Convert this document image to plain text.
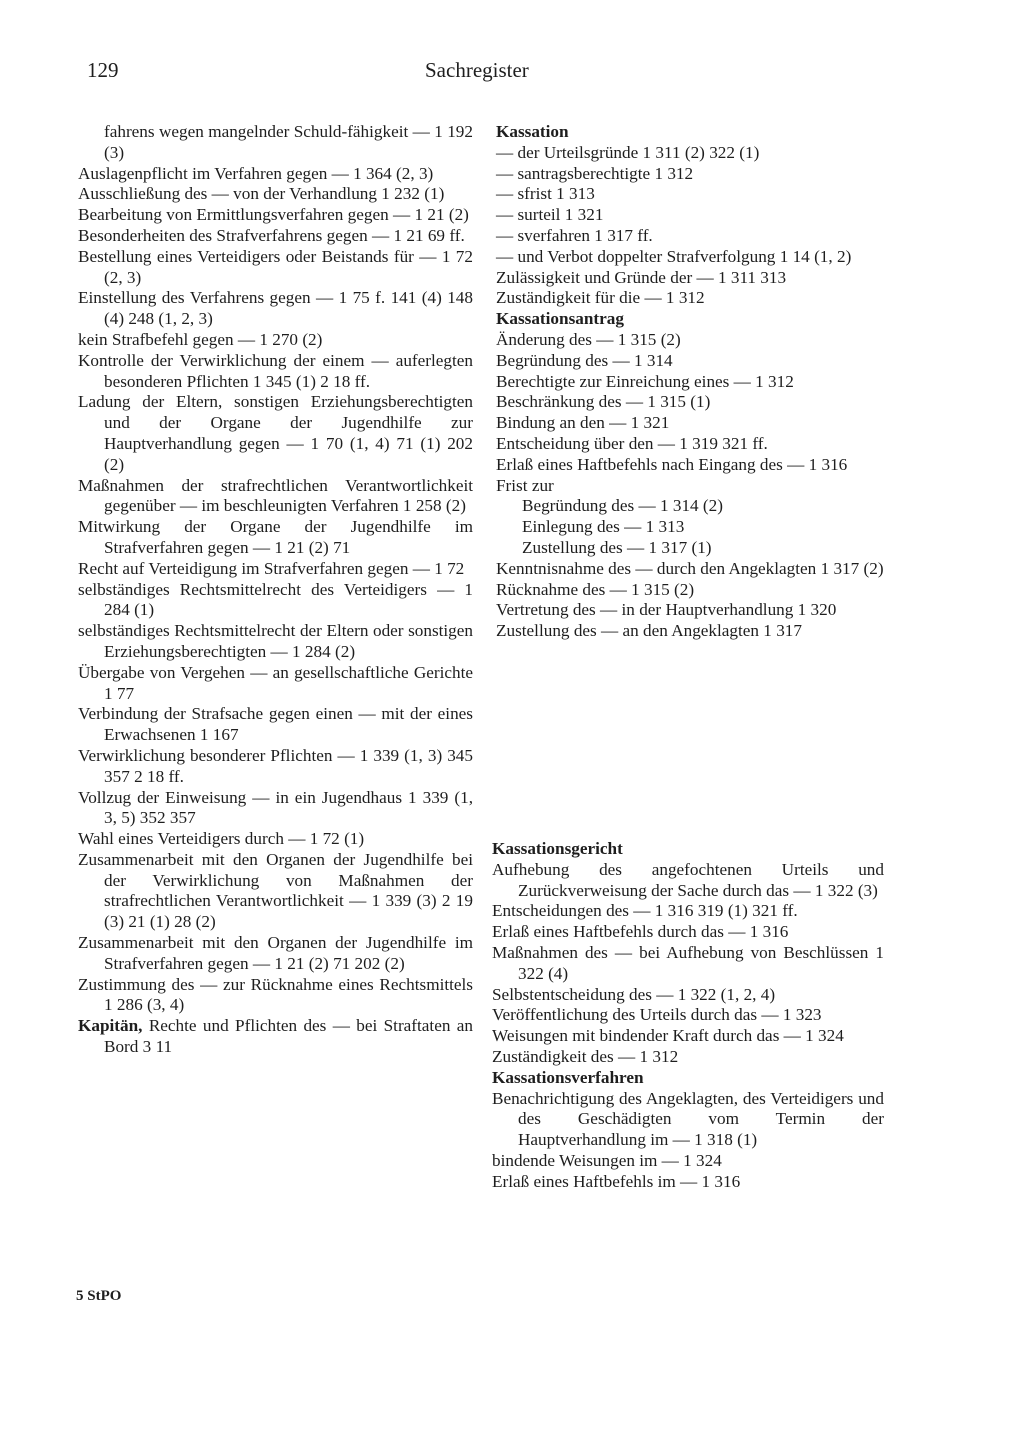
129	Sachregister
fahrens wegen mangelnder Schuld-fähigkeit — 1 192 (3)
Auslagenpflicht im Verfahren gegen — 1 364 (2, 3)
Ausschließung des — von der Verhandlung 1 232 (1)
Bearbeitung von Ermittlungsverfahren gegen — 1 21 (2)
Besonderheiten des Strafverfahrens gegen — 1 21 69 ff.
Bestellung eines Verteidigers oder Beistands für — 1 72 (2, 3)
Einstellung des Verfahrens gegen — 1 75 f. 141 (4) 148 (4) 248 (1, 2, 3)
kein Strafbefehl gegen — 1 270 (2)
Kontrolle der Verwirklichung der einem — auferlegten besonderen Pflichten 1 345 (1) 2 18 ff.
Ladung der Eltern, sonstigen Erziehungsberechtigten und der Organe der Jugendhilfe zur Hauptverhandlung gegen — 1 70 (1, 4) 71 (1) 202 (2)
Maßnahmen der strafrechtlichen Verantwortlichkeit gegenüber — im beschleunigten Verfahren 1 258 (2)
Mitwirkung der Organe der Jugendhilfe im Strafverfahren gegen — 1 21 (2) 71
Recht auf Verteidigung im Strafverfahren gegen — 1 72
selbständiges Rechtsmittelrecht des Verteidigers — 1 284 (1)
selbständiges Rechtsmittelrecht der Eltern oder sonstigen Erziehungsberechtigten — 1 284 (2)
Übergabe von Vergehen — an gesellschaftliche Gerichte 1 77
Verbindung der Strafsache gegen einen — mit der eines Erwachsenen 1 167
Verwirklichung besonderer Pflichten — 1 339 (1, 3) 345 357 2 18 ff.
Vollzug der Einweisung — in ein Jugendhaus 1 339 (1, 3, 5) 352 357
Wahl eines Verteidigers durch — 1 72 (1)
Zusammenarbeit mit den Organen der Jugendhilfe bei der Verwirklichung von Maßnahmen der strafrechtlichen Verantwortlichkeit — 1 339 (3) 2 19 (3) 21 (1) 28 (2)
Zusammenarbeit mit den Organen der Jugendhilfe im Strafverfahren gegen — 1 21 (2) 71 202 (2)
Zustimmung des — zur Rücknahme eines Rechtsmittels 1 286 (3, 4)
Kapitän, Rechte und Pflichten des — bei Straftaten an Bord 3 11
Kassation
— der Urteilsgründe 1 311 (2) 322 (1)
— santragsberechtigte 1 312
— sfrist 1 313
— surteil 1 321
— sverfahren 1 317 ff.
— und Verbot doppelter Strafverfolgung 1 14 (1, 2)
Zulässigkeit und Gründe der — 1 311 313
Zuständigkeit für die — 1 312
Kassationsantrag
Änderung des — 1 315 (2)
Begründung des — 1 314
Berechtigte zur Einreichung eines — 1 312
Beschränkung des — 1 315 (1)
Bindung an den — 1 321
Entscheidung über den — 1 319 321 ff.
Erlaß eines Haftbefehls nach Eingang des — 1 316
Frist zur
Begründung des — 1 314 (2)
Einlegung des — 1 313
Zustellung des — 1 317 (1)
Kenntnisnahme des — durch den Angeklagten 1 317 (2)
Rücknahme des — 1 315 (2)
Vertretung des — in der Hauptverhandlung 1 320
Zustellung des — an den Angeklagten 1 317
Kassationsgericht
Aufhebung des angefochtenen Urteils und Zurückverweisung der Sache durch das — 1 322 (3)
Entscheidungen des — 1 316 319 (1) 321 ff.
Erlaß eines Haftbefehls durch das — 1 316
Maßnahmen des — bei Aufhebung von Beschlüssen 1 322 (4)
Selbstentscheidung des — 1 322 (1, 2, 4)
Veröffentlichung des Urteils durch das — 1 323
Weisungen mit bindender Kraft durch das — 1 324
Zuständigkeit des — 1 312
Kassationsverfahren
Benachrichtigung des Angeklagten, des Verteidigers und des Geschädigten vom Termin der Hauptverhandlung im — 1 318 (1)
bindende Weisungen im — 1 324
Erlaß eines Haftbefehls im — 1 316
5 StPO
